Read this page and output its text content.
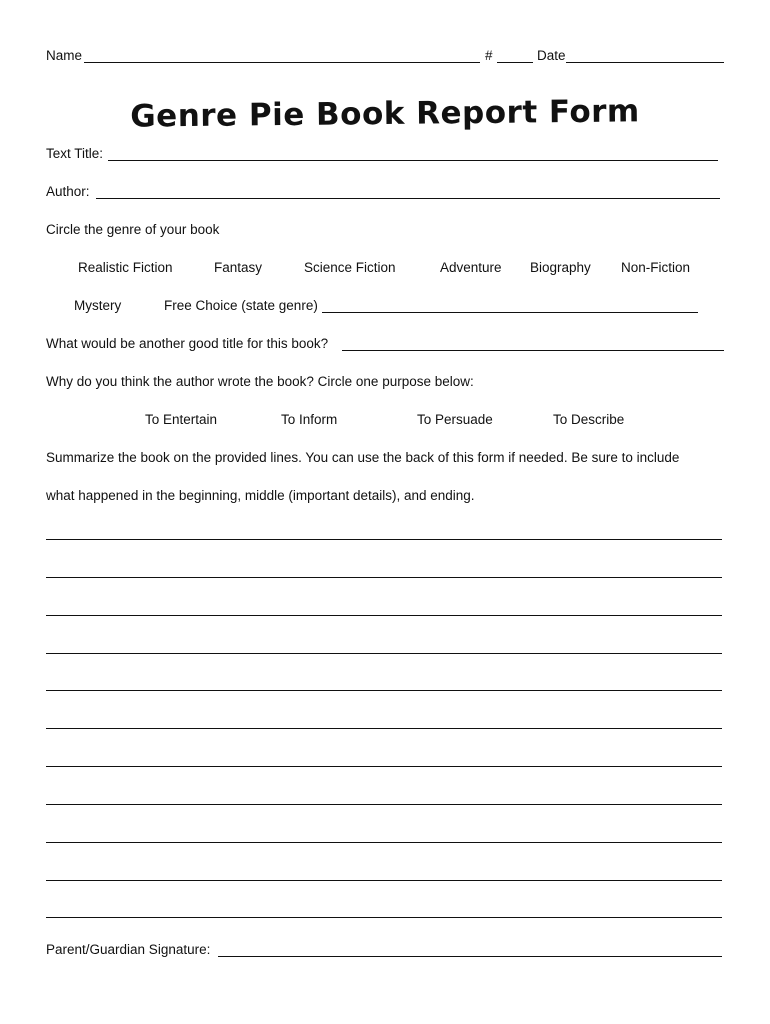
Name	#	Date
Genre Pie Book Report Form
Text Title:
Author:
Circle the genre of your book
Realistic Fiction	Fantasy	Science Fiction	Adventure Biography Non-Fiction
Mystery	Free Choice (state genre)
What would be another good title for this book?
Why do you think the author wrote the book? Circle one purpose below:
To Entertain	To Inform	To Persuade	To Describe
Summarize the book on the provided lines. You can use the back of this form if needed. Be sure to include
what happened in the beginning, middle (important details), and ending.
Parent/Guardian Signature:
